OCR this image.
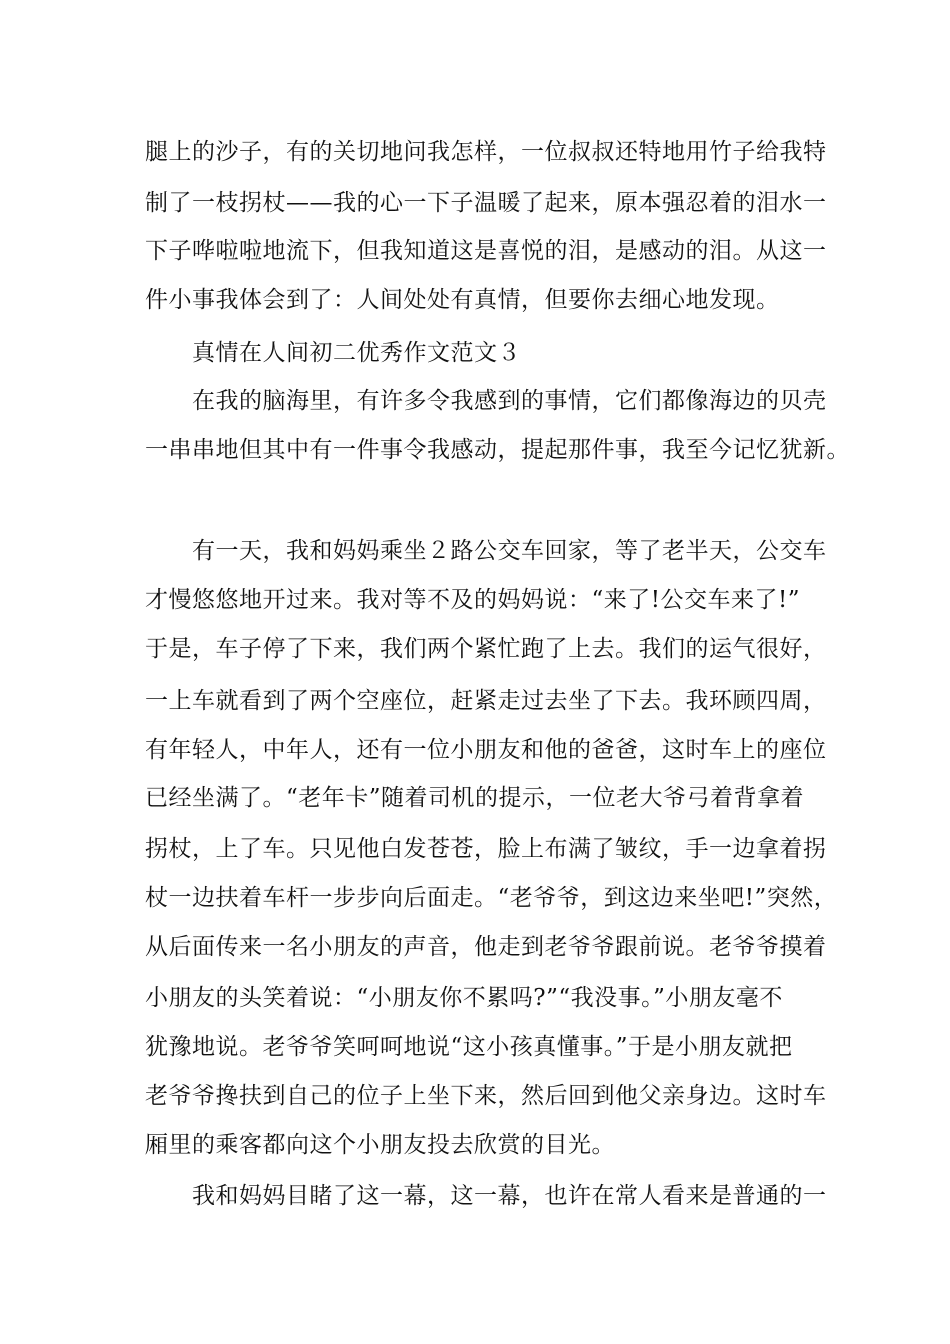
腿上的沙子，有的关切地问我怎样，一位叔叔还特地用竹子给我特
制了一枝拐杖——我的心一下子温暖了起来，原本强忍着的泪水一
下子哗啦啦地流下，但我知道这是喜悦的泪，是感动的泪。从这一
件小事我体会到了：人间处处有真情，但要你去细心地发现。
真情在人间初二优秀作文范文３
在我的脑海里，有许多令我感到的事情，它们都像海边的贝壳
一串串地但其中有一件事令我感动，提起那件事，我至今记忆犹新。
有一天，我和妈妈乘坐２路公交车回家，等了老半天，公交车
才慢悠悠地开过来。我对等不及的妈妈说：“来了!公交车来了!”
于是，车子停了下来，我们两个紧忙跑了上去。我们的运气很好，
一上车就看到了两个空座位，赶紧走过去坐了下去。我环顾四周，
有年轻人，中年人，还有一位小朋友和他的爸爸，这时车上的座位
已经坐满了。“老年卡”随着司机的提示，一位老大爷弓着背拿着
拐杖，上了车。只见他白发苍苍，脸上布满了皱纹，手一边拿着拐
杖一边扶着车杆一步步向后面走。“老爷爷，到这边来坐吧!”突然，
从后面传来一名小朋友的声音，他走到老爷爷跟前说。老爷爷摸着
小朋友的头笑着说：“小朋友你不累吗?”“我没事。”小朋友毫不
犹豫地说。老爷爷笑呵呵地说“这小孩真懂事。”于是小朋友就把
老爷爷搀扶到自己的位子上坐下来，然后回到他父亲身边。这时车
厢里的乘客都向这个小朋友投去欣赏的目光。
我和妈妈目睹了这一幕，这一幕，也许在常人看来是普通的一
